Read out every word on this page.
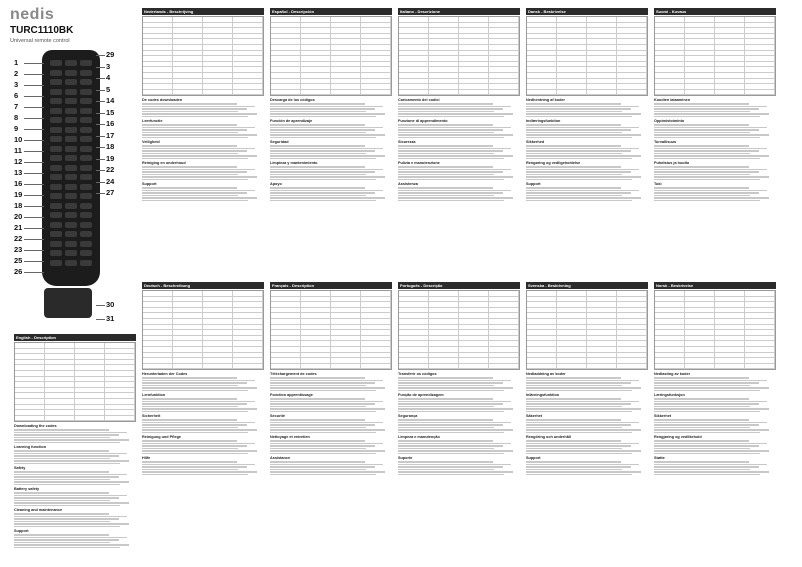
nedis
TURC1110BK
Universal remote control
1
2
3
6
7
8
9
10
11
12
13
16
19
18
20
21
22
23
25
26
29
3
4
5
14
15
16
17
18
19
22
24
27
30
31
English - Description
Downloading the codes
Learning function
Safety
Battery safety
Cleaning and maintenance
Support
Nederlands - Beschrijving
De codes downloaden
Leerfunctie
Veiligheid
Reiniging en onderhoud
Support
Deutsch - Beschreibung
Herunterladen der Codes
Lernfunktion
Sicherheit
Reinigung und Pflege
Hilfe
Español - Descripción
Descarga de los códigos
Función de aprendizaje
Seguridad
Limpieza y mantenimiento
Apoyo
Français - Description
Téléchargement de codes
Fonction apprentissage
Sécurité
Nettoyage et entretien
Assistance
Italiano - Descrizione
Caricamento dei codici
Funzione di apprendimento
Sicurezza
Pulizia e manutenzione
Assistenza
Português - Descrição
Transferir os códigos
Função de aprendizagem
Segurança
Limpeza e manutenção
Suporte
Dansk - Beskrivelse
Nedhentning af koder
Indlæringsfunktion
Sikkerhed
Rengøring og vedligeholdelse
Support
Svenska - Beskrivning
Nedladdning av koder
Inlärningsfunktion
Säkerhet
Rengöring och underhåll
Support
Suomi - Kuvaus
Koodien lataaminen
Oppimistoiminto
Turvallisuus
Puhdistus ja huolto
Tuki
Norsk - Beskrivelse
Nedlasting av koder
Læringsfunksjon
Sikkerhet
Rengjøring og vedlikehold
Støtte
